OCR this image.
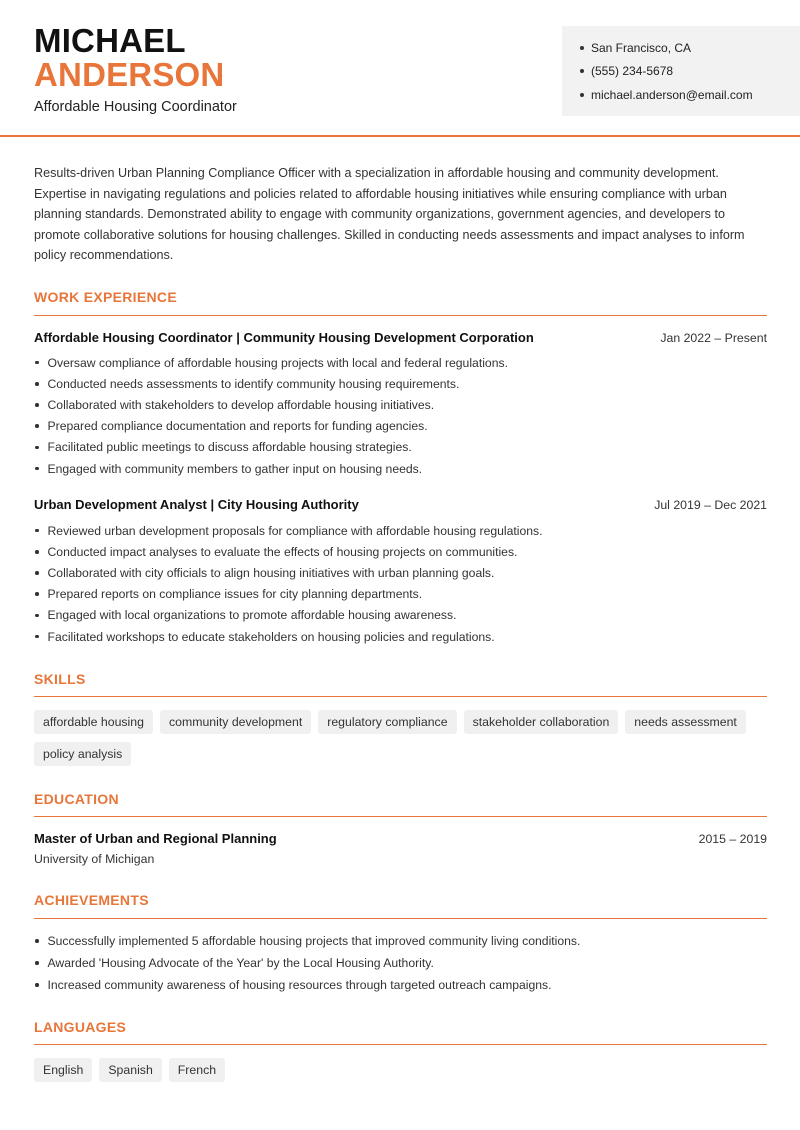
MICHAEL
ANDERSON
Affordable Housing Coordinator
San Francisco, CA
(555) 234-5678
michael.anderson@email.com

Results-driven Urban Planning Compliance Officer with a specialization in affordable housing and community development. Expertise in navigating regulations and policies related to affordable housing initiatives while ensuring compliance with urban planning standards. Demonstrated ability to engage with community organizations, government agencies, and developers to promote collaborative solutions for housing challenges. Skilled in conducting needs assessments and impact analyses to inform policy recommendations.

WORK EXPERIENCE
Affordable Housing Coordinator | Community Housing Development Corporation	Jan 2022 – Present
Oversaw compliance of affordable housing projects with local and federal regulations.
Conducted needs assessments to identify community housing requirements.
Collaborated with stakeholders to develop affordable housing initiatives.
Prepared compliance documentation and reports for funding agencies.
Facilitated public meetings to discuss affordable housing strategies.
Engaged with community members to gather input on housing needs.
Urban Development Analyst | City Housing Authority	Jul 2019 – Dec 2021
Reviewed urban development proposals for compliance with affordable housing regulations.
Conducted impact analyses to evaluate the effects of housing projects on communities.
Collaborated with city officials to align housing initiatives with urban planning goals.
Prepared reports on compliance issues for city planning departments.
Engaged with local organizations to promote affordable housing awareness.
Facilitated workshops to educate stakeholders on housing policies and regulations.
SKILLS
affordable housing	community development	regulatory compliance	stakeholder collaboration	needs assessment
policy analysis
EDUCATION
Master of Urban and Regional Planning	2015 – 2019
University of Michigan
ACHIEVEMENTS
Successfully implemented 5 affordable housing projects that improved community living conditions.
Awarded 'Housing Advocate of the Year' by the Local Housing Authority.
Increased community awareness of housing resources through targeted outreach campaigns.
LANGUAGES
English	Spanish	French
